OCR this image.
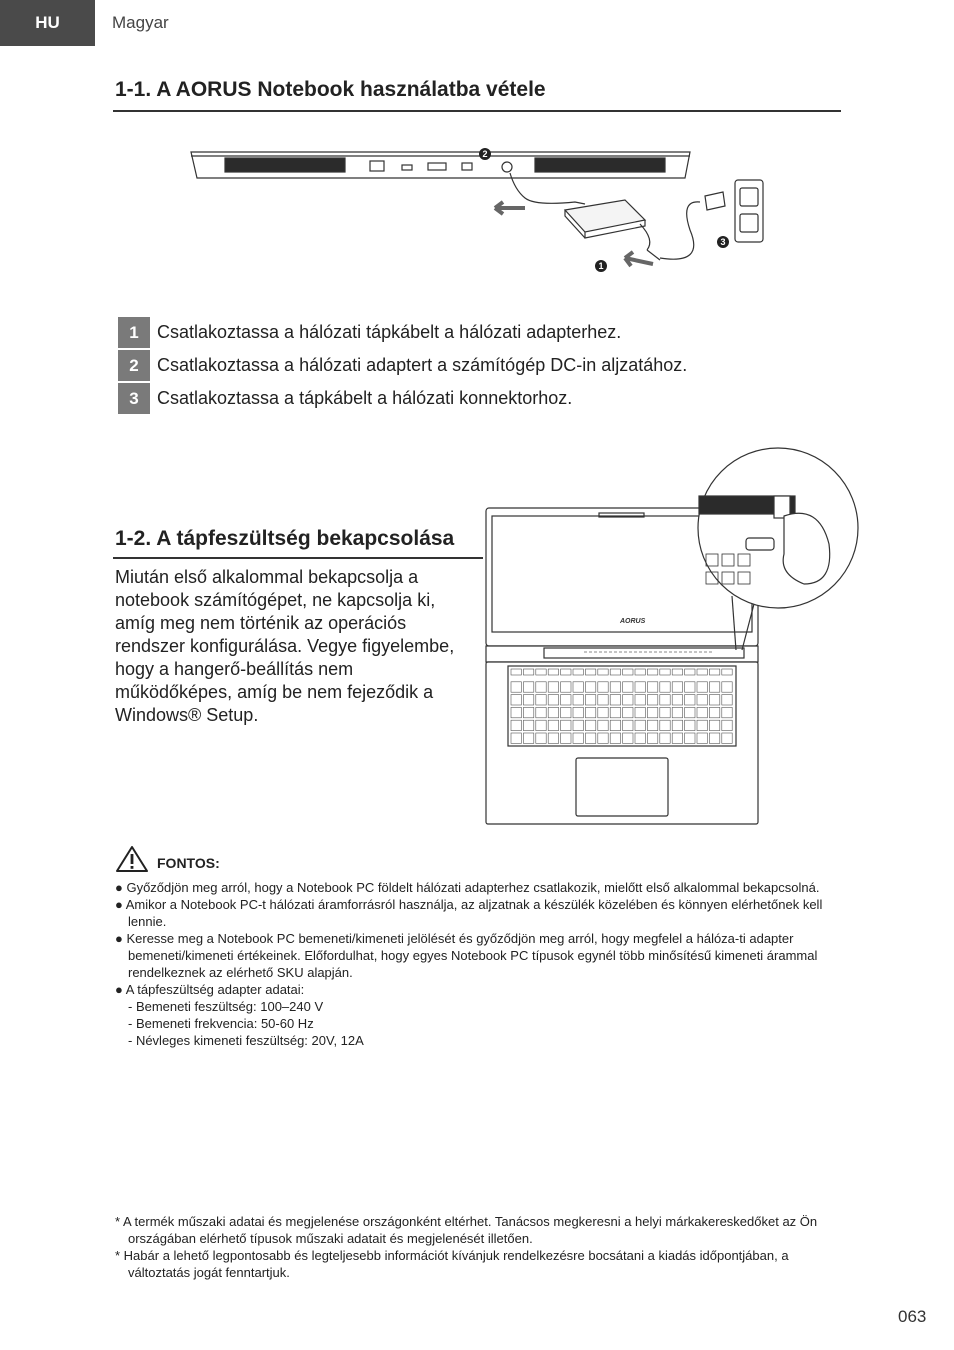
HU	Magyar
1-1. A AORUS Notebook használatba vétele
2
3
1
1	Csatlakoztassa a hálózati tápkábelt a hálózati adapterhez.
2	Csatlakoztassa a hálózati adaptert a számítógép DC-in aljzatához.
3	Csatlakoztassa a tápkábelt a hálózati konnektorhoz.
1-2. A tápfeszültség bekapcsolása
Miután első alkalommal bekapcsolja a notebook számítógépet, ne kapcsolja ki, amíg meg nem történik az operációs rendszer konfigurálása. Vegye figyelembe, hogy a hangerő-beállítás nem működőképes, amíg be nem fejeződik a Windows® Setup.
AORUS
FONTOS:
● Győződjön meg arról, hogy a Notebook PC földelt hálózati adapterhez csatlakozik, mielőtt első alkalommal bekapcsolná.
● Amikor a Notebook PC-t hálózati áramforrásról használja, az aljzatnak a készülék közelében és könnyen elérhetőnek kell lennie.
● Keresse meg a Notebook PC bemeneti/kimeneti jelölését és győződjön meg arról, hogy megfelel a hálóza-ti adapter bemeneti/kimeneti értékeinek. Előfordulhat, hogy egyes Notebook PC típusok egynél több minősítésű kimeneti árammal rendelkeznek az elérhető SKU alapján.
● A tápfeszültség adapter adatai:
- Bemeneti feszültség: 100–240 V
- Bemeneti frekvencia: 50-60 Hz
- Névleges kimeneti feszültség: 20V, 12A
* A termék műszaki adatai és megjelenése országonként eltérhet. Tanácsos megkeresni a helyi márkakereskedőket az Ön országában elérhető típusok műszaki adatait és megjelenését illetően.
* Habár a lehető legpontosabb és legteljesebb információt kívánjuk rendelkezésre bocsátani a kiadás időpontjában, a változtatás jogát fenntartjuk.
063
